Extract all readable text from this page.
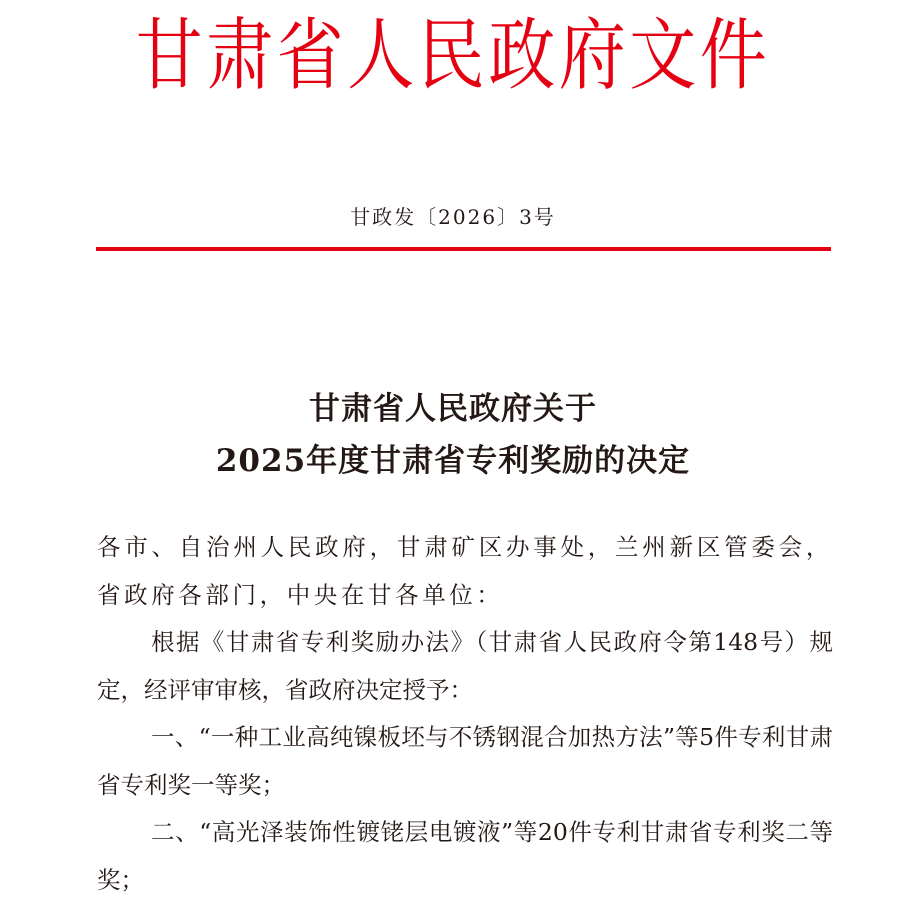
甘肃省人民政府文件
甘政发〔2026〕3号
甘肃省人民政府关于
2025年度甘肃省专利奖励的决定

各市、自治州人民政府，甘肃矿区办事处，兰州新区管委会，省政府各部门，中央在甘各单位：

根据《甘肃省专利奖励办法》（甘肃省人民政府令第148号）规定，经评审审核，省政府决定授予：

一、“一种工业高纯镍板坯与不锈钢混合加热方法”等5件专利甘肃省专利奖一等奖；

二、“高光泽装饰性镀铑层电镀液”等20件专利甘肃省专利奖二等奖；
